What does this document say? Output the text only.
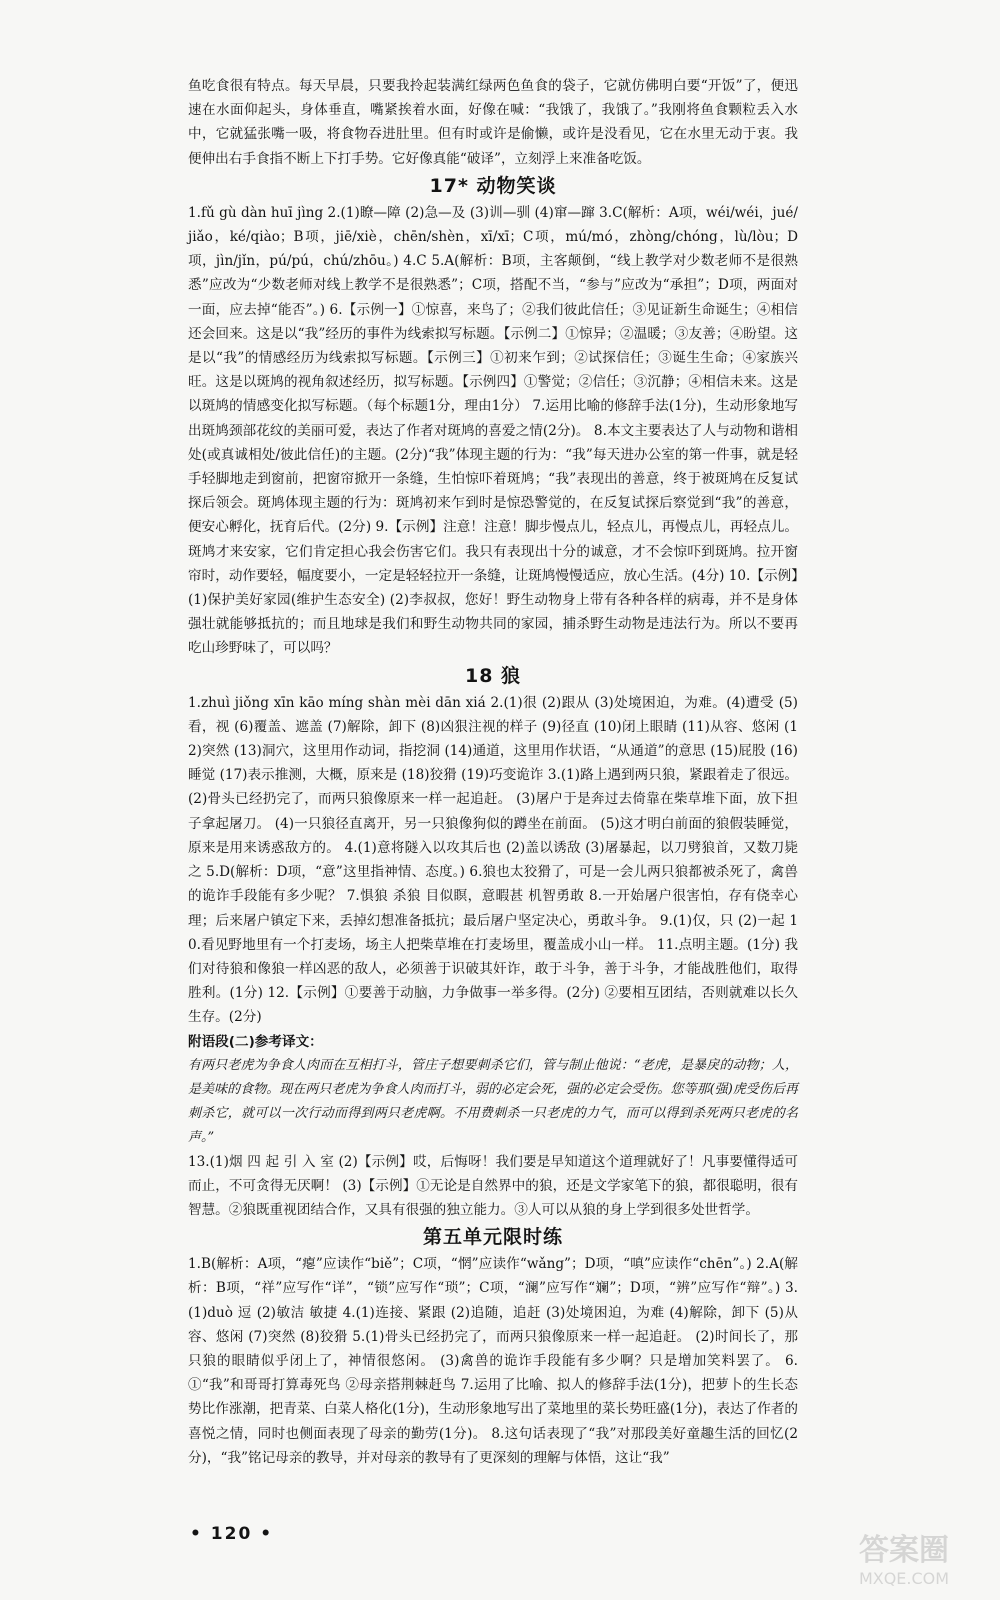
鱼吃食很有特点。每天早晨，只要我拎起装满红绿两色鱼食的袋子，它就仿佛明白要“开饭”了，便迅速在水面仰起头，身体垂直，嘴紧挨着水面，好像在喊：“我饿了，我饿了。”我刚将鱼食颗粒丢入水中，它就猛张嘴一吸，将食物吞进肚里。但有时或许是偷懒，或许是没看见，它在水里无动于衷。我便伸出右手食指不断上下打手势。它好像真能“破译”，立刻浮上来准备吃饭。

17* 动物笑谈

1.fǔ gù dàn huī jìng 2.(1)瞭—障 (2)急—及 (3)训—驯 (4)窜—蹿 3.C(解析：A项，wéi/wéi，jué/jiǎo，ké/qiào；B项，jiē/xiè，chēn/shèn，xī/xī；C项，mú/mó，zhòng/chóng，lù/lòu；D项，jìn/jǐn，pú/pú，chú/zhōu。) 4.C 5.A(解析：B项，主客颠倒，“线上教学对少数老师不是很熟悉”应改为“少数老师对线上教学不是很熟悉”；C项，搭配不当，“参与”应改为“承担”；D项，两面对一面，应去掉“能否”。) 6.【示例一】①惊喜，来鸟了；②我们彼此信任；③见证新生命诞生；④相信还会回来。这是以“我”经历的事件为线索拟写标题。【示例二】①惊异；②温暖；③友善；④盼望。这是以“我”的情感经历为线索拟写标题。【示例三】①初来乍到；②试探信任；③诞生生命；④家族兴旺。这是以斑鸠的视角叙述经历，拟写标题。【示例四】①警觉；②信任；③沉静；④相信未来。这是以斑鸠的情感变化拟写标题。（每个标题1分，理由1分） 7.运用比喻的修辞手法(1分)，生动形象地写出斑鸠颈部花纹的美丽可爱，表达了作者对斑鸠的喜爱之情(2分)。 8.本文主要表达了人与动物和谐相处(或真诚相处/彼此信任)的主题。(2分)“我”体现主题的行为：“我”每天进办公室的第一件事，就是轻手轻脚地走到窗前，把窗帘掀开一条缝，生怕惊吓着斑鸠；“我”表现出的善意，终于被斑鸠在反复试探后领会。斑鸠体现主题的行为：斑鸠初来乍到时是惊恐警觉的，在反复试探后察觉到“我”的善意，便安心孵化，抚育后代。(2分) 9.【示例】注意！注意！脚步慢点儿，轻点儿，再慢点儿，再轻点儿。斑鸠才来安家，它们肯定担心我会伤害它们。我只有表现出十分的诚意，才不会惊吓到斑鸠。拉开窗帘时，动作要轻，幅度要小，一定是轻轻拉开一条缝，让斑鸠慢慢适应，放心生活。(4分) 10.【示例】(1)保护美好家园(维护生态安全) (2)李叔叔，您好！野生动物身上带有各种各样的病毒，并不是身体强壮就能够抵抗的；而且地球是我们和野生动物共同的家园，捕杀野生动物是违法行为。所以不要再吃山珍野味了，可以吗？

18 狼

1.zhuì jiǒng xīn kāo míng shàn mèi dān xiá 2.(1)很 (2)跟从 (3)处境困迫，为难。(4)遭受 (5)看，视 (6)覆盖、遮盖 (7)解除，卸下 (8)凶狠注视的样子 (9)径直 (10)闭上眼睛 (11)从容、悠闲 (12)突然 (13)洞穴，这里用作动词，指挖洞 (14)通道，这里用作状语，“从通道”的意思 (15)屁股 (16)睡觉 (17)表示推测，大概，原来是 (18)狡猾 (19)巧变诡诈 3.(1)路上遇到两只狼，紧跟着走了很远。 (2)骨头已经扔完了，而两只狼像原来一样一起追赶。 (3)屠户于是奔过去倚靠在柴草堆下面，放下担子拿起屠刀。 (4)一只狼径直离开，另一只狼像狗似的蹲坐在前面。 (5)这才明白前面的狼假装睡觉，原来是用来诱惑敌方的。 4.(1)意将隧入以攻其后也 (2)盖以诱敌 (3)屠暴起，以刀劈狼首，又数刀毙之 5.D(解析：D项，“意”这里指神情、态度。) 6.狼也太狡猾了，可是一会儿两只狼都被杀死了，禽兽的诡诈手段能有多少呢？ 7.惧狼 杀狼 目似瞑，意暇甚 机智勇敢 8.一开始屠户很害怕，存有侥幸心理；后来屠户镇定下来，丢掉幻想准备抵抗；最后屠户坚定决心，勇敢斗争。 9.(1)仅，只 (2)一起 10.看见野地里有一个打麦场，场主人把柴草堆在打麦场里，覆盖成小山一样。 11.点明主题。(1分) 我们对待狼和像狼一样凶恶的敌人，必须善于识破其奸诈，敢于斗争，善于斗争，才能战胜他们，取得胜利。(1分) 12.【示例】①要善于动脑，力争做事一举多得。(2分) ②要相互团结，否则就难以长久生存。(2分)

附语段(二)参考译文：

有两只老虎为争食人肉而在互相打斗，管庄子想要刺杀它们，管与制止他说：“老虎，是暴戾的动物；人，是美味的食物。现在两只老虎为争食人肉而打斗，弱的必定会死，强的必定会受伤。您等那(强)虎受伤后再刺杀它，就可以一次行动而得到两只老虎啊。不用费刺杀一只老虎的力气，而可以得到杀死两只老虎的名声。”

13.(1)烟 四 起 引 入 室 (2)【示例】哎，后悔呀！我们要是早知道这个道理就好了！凡事要懂得适可而止，不可贪得无厌啊！ (3)【示例】①无论是自然界中的狼，还是文学家笔下的狼，都很聪明，很有智慧。②狼既重视团结合作，又具有很强的独立能力。③人可以从狼的身上学到很多处世哲学。

第五单元限时练

1.B(解析：A项，“瘪”应读作“biě”；C项，“惘”应读作“wǎng”；D项，“嗔”应读作“chēn”。) 2.A(解析：B项，“祥”应写作“详”，“锁”应写作“琐”；C项，“澜”应写作“斓”；D项，“辨”应写作“辩”。) 3.(1)duò 逗 (2)敏洁 敏捷 4.(1)连接、紧跟 (2)追随，追赶 (3)处境困迫，为难 (4)解除，卸下 (5)从容、悠闲 (7)突然 (8)狡猾 5.(1)骨头已经扔完了，而两只狼像原来一样一起追赶。 (2)时间长了，那只狼的眼睛似乎闭上了，神情很悠闲。 (3)禽兽的诡诈手段能有多少啊？只是增加笑料罢了。 6.①“我”和哥哥打算毒死鸟 ②母亲搭荆棘赶鸟 7.运用了比喻、拟人的修辞手法(1分)，把萝卜的生长态势比作涨潮，把青菜、白菜人格化(1分)，生动形象地写出了菜地里的菜长势旺盛(1分)，表达了作者的喜悦之情，同时也侧面表现了母亲的勤劳(1分)。 8.这句话表现了“我”对那段美好童趣生活的回忆(2分)，“我”铭记母亲的教导，并对母亲的教导有了更深刻的理解与体悟，这让“我”

• 120 •	答案圈
MXQE.COM
